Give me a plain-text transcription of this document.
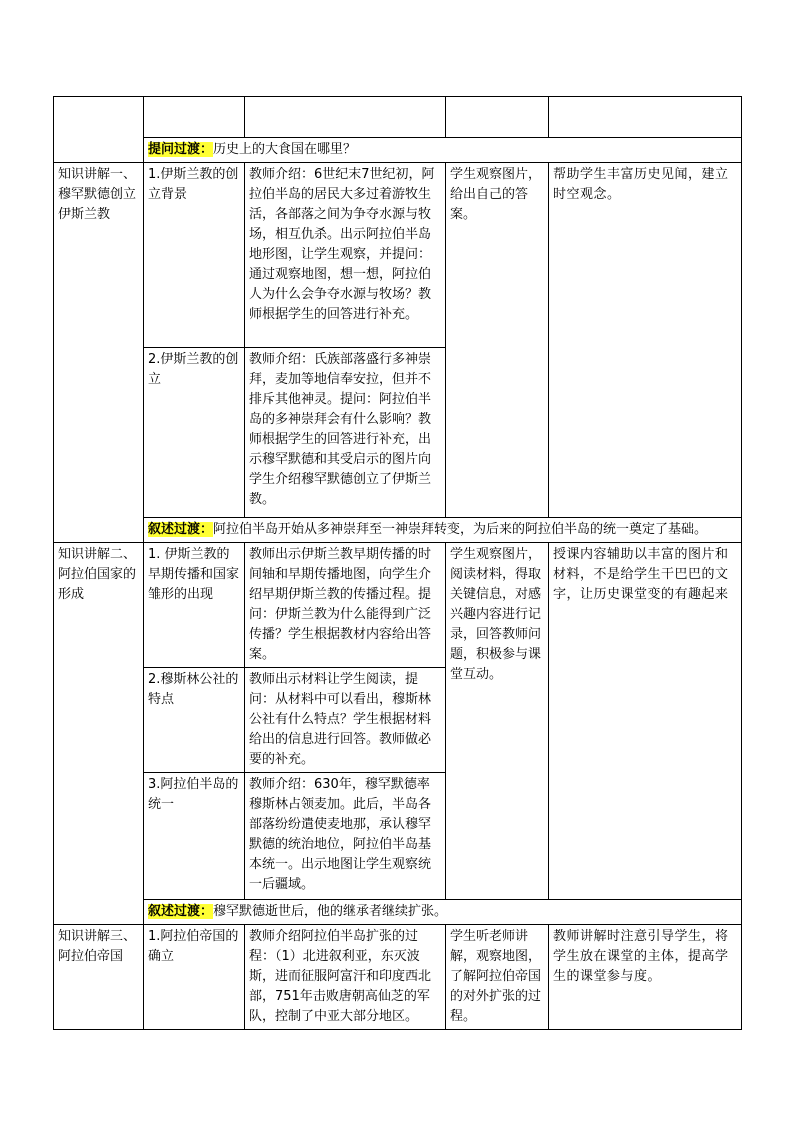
	提问过渡：历史上的大食国在哪里？			
知识讲解一、穆罕默德创立伊斯兰教	1.伊斯兰教的创立背景	教师介绍：6世纪末7世纪初，阿拉伯半岛的居民大多过着游牧生活，各部落之间为争夺水源与牧场，相互仇杀。出示阿拉伯半岛地形图，让学生观察，并提问：通过观察地图，想一想，阿拉伯人为什么会争夺水源与牧场？教师根据学生的回答进行补充。	学生观察图片，给出自己的答案。	帮助学生丰富历史见闻，建立时空观念。
	2.伊斯兰教的创立	教师介绍：氏族部落盛行多神崇拜，麦加等地信奉安拉，但并不排斥其他神灵。提问：阿拉伯半岛的多神崇拜会有什么影响？教师根据学生的回答进行补充，出示穆罕默德和其受启示的图片向学生介绍穆罕默德创立了伊斯兰教。		
	叙述过渡：阿拉伯半岛开始从多神崇拜至一神崇拜转变，为后来的阿拉伯半岛的统一奠定了基础。			
知识讲解二、阿拉伯国家的形成	1. 伊斯兰教的早期传播和国家雏形的出现	教师出示伊斯兰教早期传播的时间轴和早期传播地图，向学生介绍早期伊斯兰教的传播过程。提问：伊斯兰教为什么能得到广泛传播？学生根据教材内容给出答案。	学生观察图片，阅读材料，得取关键信息，对感兴趣内容进行记录，回答教师问题，积极参与课堂互动。	授课内容辅助以丰富的图片和材料，不是给学生干巴巴的文字，让历史课堂变的有趣起来
	2.穆斯林公社的特点	教师出示材料让学生阅读，提问：从材料中可以看出，穆斯林公社有什么特点？学生根据材料给出的信息进行回答。教师做必要的补充。		
	3.阿拉伯半岛的统一	教师介绍：630年，穆罕默德率穆斯林占领麦加。此后，半岛各部落纷纷遣使麦地那，承认穆罕默德的统治地位，阿拉伯半岛基本统一。出示地图让学生观察统一后疆域。		
	叙述过渡：穆罕默德逝世后，他的继承者继续扩张。			
知识讲解三、阿拉伯帝国	1.阿拉伯帝国的确立	教师介绍阿拉伯半岛扩张的过程：（1）北进叙利亚，东灭波斯，进而征服阿富汗和印度西北部，751年击败唐朝高仙芝的军队，控制了中亚大部分地区。	学生听老师讲解，观察地图，了解阿拉伯帝国的对外扩张的过程。	教师讲解时注意引导学生，将学生放在课堂的主体，提高学生的课堂参与度。
